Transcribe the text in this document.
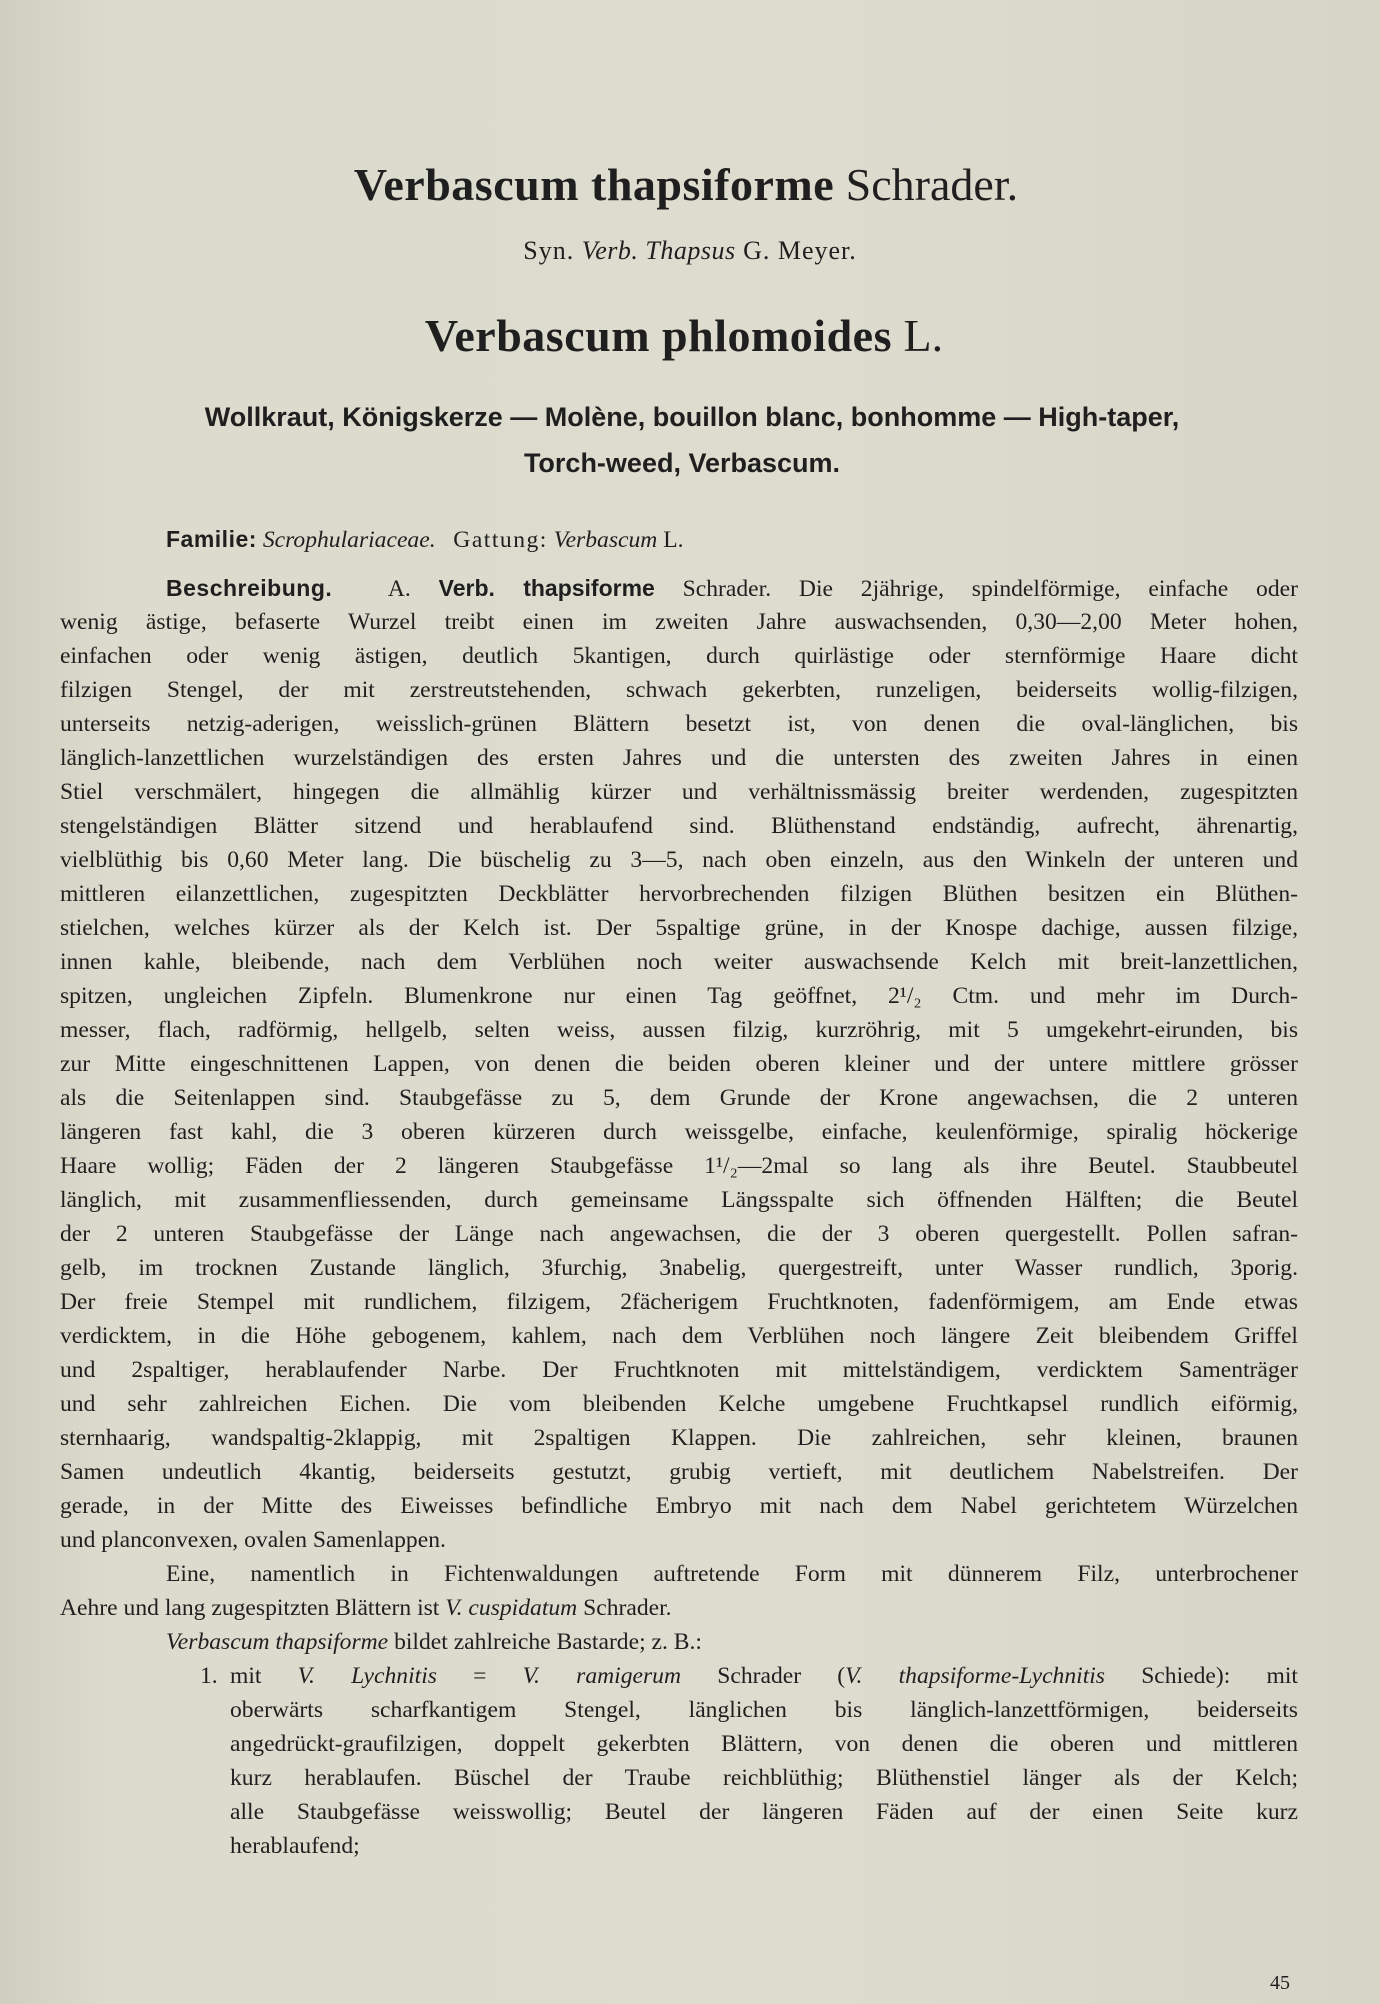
Verbascum thapsiforme Schrader.
Syn. Verb. Thapsus G. Meyer.
Verbascum phlomoides L.
Wollkraut, Königskerze — Molène, bouillon blanc, bonhomme — High-taper,
Torch-weed, Verbascum.
Familie: Scrophulariaceae. Gattung: Verbascum L.
Beschreibung. A. Verb. thapsiforme Schrader. Die 2jährige, spindelförmige, einfache oder
wenig ästige, befaserte Wurzel treibt einen im zweiten Jahre auswachsenden, 0,30—2,00 Meter hohen,
einfachen oder wenig ästigen, deutlich 5kantigen, durch quirlästige oder sternförmige Haare dicht
filzigen Stengel, der mit zerstreutstehenden, schwach gekerbten, runzeligen, beiderseits wollig-filzigen,
unterseits netzig-aderigen, weisslich-grünen Blättern besetzt ist, von denen die oval-länglichen, bis
länglich-lanzettlichen wurzelständigen des ersten Jahres und die untersten des zweiten Jahres in einen
Stiel verschmälert, hingegen die allmählig kürzer und verhältnissmässig breiter werdenden, zugespitzten
stengelständigen Blätter sitzend und herablaufend sind. Blüthenstand endständig, aufrecht, ährenartig,
vielblüthig bis 0,60 Meter lang. Die büschelig zu 3—5, nach oben einzeln, aus den Winkeln der unteren und
mittleren eilanzettlichen, zugespitzten Deckblätter hervorbrechenden filzigen Blüthen besitzen ein Blüthen-
stielchen, welches kürzer als der Kelch ist. Der 5spaltige grüne, in der Knospe dachige, aussen filzige,
innen kahle, bleibende, nach dem Verblühen noch weiter auswachsende Kelch mit breit-lanzettlichen,
spitzen, ungleichen Zipfeln. Blumenkrone nur einen Tag geöffnet, 2¹/₂ Ctm. und mehr im Durch-
messer, flach, radförmig, hellgelb, selten weiss, aussen filzig, kurzröhrig, mit 5 umgekehrt-eirunden, bis
zur Mitte eingeschnittenen Lappen, von denen die beiden oberen kleiner und der untere mittlere grösser
als die Seitenlappen sind. Staubgefässe zu 5, dem Grunde der Krone angewachsen, die 2 unteren
längeren fast kahl, die 3 oberen kürzeren durch weissgelbe, einfache, keulenförmige, spiralig höckerige
Haare wollig; Fäden der 2 längeren Staubgefässe 1¹/₂—2mal so lang als ihre Beutel. Staubbeutel
länglich, mit zusammenfliessenden, durch gemeinsame Längsspalte sich öffnenden Hälften; die Beutel
der 2 unteren Staubgefässe der Länge nach angewachsen, die der 3 oberen quergestellt. Pollen safran-
gelb, im trocknen Zustande länglich, 3furchig, 3nabelig, quergestreift, unter Wasser rundlich, 3porig.
Der freie Stempel mit rundlichem, filzigem, 2fächerigem Fruchtknoten, fadenförmigem, am Ende etwas
verdicktem, in die Höhe gebogenem, kahlem, nach dem Verblühen noch längere Zeit bleibendem Griffel
und 2spaltiger, herablaufender Narbe. Der Fruchtknoten mit mittelständigem, verdicktem Samenträger
und sehr zahlreichen Eichen. Die vom bleibenden Kelche umgebene Fruchtkapsel rundlich eiförmig,
sternhaarig, wandspaltig-2klappig, mit 2spaltigen Klappen. Die zahlreichen, sehr kleinen, braunen
Samen undeutlich 4kantig, beiderseits gestutzt, grubig vertieft, mit deutlichem Nabelstreifen. Der
gerade, in der Mitte des Eiweisses befindliche Embryo mit nach dem Nabel gerichtetem Würzelchen
und planconvexen, ovalen Samenlappen.
Eine, namentlich in Fichtenwaldungen auftretende Form mit dünnerem Filz, unterbrochener
Aehre und lang zugespitzten Blättern ist V. cuspidatum Schrader.
Verbascum thapsiforme bildet zahlreiche Bastarde; z. B.:
1. mit V. Lychnitis = V. ramigerum Schrader (V. thapsiforme-Lychnitis Schiede): mit
oberwärts scharfkantigem Stengel, länglichen bis länglich-lanzettförmigen, beiderseits
angedrückt-graufilzigen, doppelt gekerbten Blättern, von denen die oberen und mittleren
kurz herablaufen. Büschel der Traube reichblüthig; Blüthenstiel länger als der Kelch;
alle Staubgefässe weisswollig; Beutel der längeren Fäden auf der einen Seite kurz
herablaufend;
45
